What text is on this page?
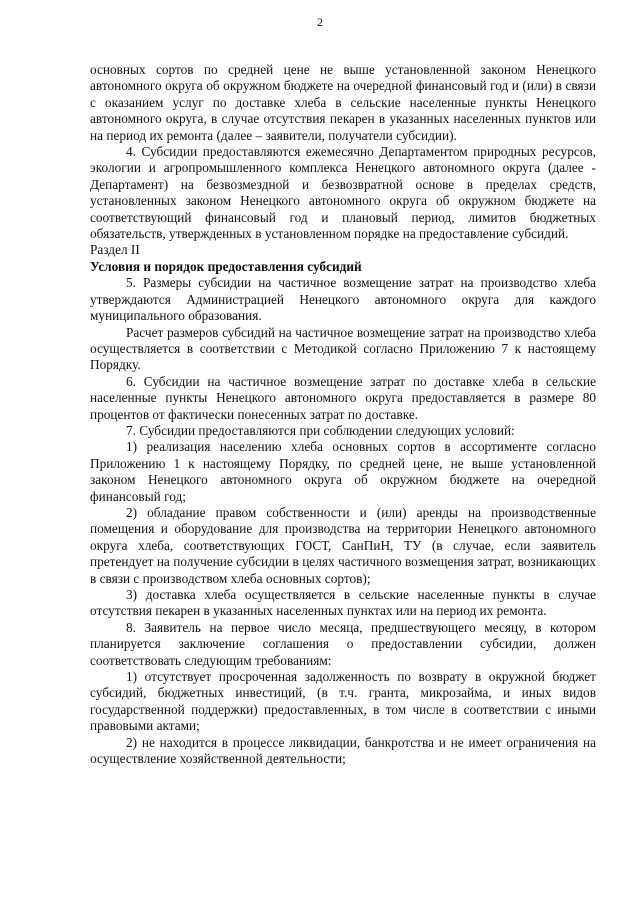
2

основных сортов по средней цене не выше установленной законом Ненецкого автономного округа об окружном бюджете на очередной финансовый год и (или) в связи с оказанием услуг по доставке хлеба в сельские населенные пункты Ненецкого автономного округа, в случае отсутствия пекарен в указанных населенных пунктов или на период их ремонта (далее – заявители, получатели субсидии).

4. Субсидии предоставляются ежемесячно Департаментом природных ресурсов, экологии и агропромышленного комплекса Ненецкого автономного округа (далее - Департамент) на безвозмездной и безвозвратной основе в пределах средств, установленных законом Ненецкого автономного округа об окружном бюджете на соответствующий финансовый год и плановый период, лимитов бюджетных обязательств, утвержденных в установленном порядке на предоставление субсидий.

Раздел II

Условия и порядок предоставления субсидий

5. Размеры субсидии на частичное возмещение затрат на производство хлеба утверждаются Администрацией Ненецкого автономного округа для каждого муниципального образования.

Расчет размеров субсидий на частичное возмещение затрат на производство хлеба осуществляется в соответствии с Методикой согласно Приложению 7 к настоящему Порядку.

6. Субсидии на частичное возмещение затрат по доставке хлеба в сельские населенные пункты Ненецкого автономного округа предоставляется в размере 80 процентов от фактически понесенных затрат по доставке.

7. Субсидии предоставляются при соблюдении следующих условий:

1) реализация населению хлеба основных сортов в ассортименте согласно Приложению 1 к настоящему Порядку, по средней цене, не выше установленной законом Ненецкого автономного округа об окружном бюджете на очередной финансовый год;

2) обладание правом собственности и (или) аренды на производственные помещения и оборудование для производства на территории Ненецкого автономного округа хлеба, соответствующих ГОСТ, СанПиН, ТУ (в случае, если заявитель претендует на получение субсидии в целях частичного возмещения затрат, возникающих в связи с производством хлеба основных сортов);

3) доставка хлеба осуществляется в сельские населенные пункты в случае отсутствия пекарен в указанных населенных пунктах или на период их ремонта.

8. Заявитель на первое число месяца, предшествующего месяцу, в котором планируется заключение соглашения о предоставлении субсидии, должен соответствовать следующим требованиям:

1) отсутствует просроченная задолженность по возврату в окружной бюджет субсидий, бюджетных инвестиций, (в т.ч. гранта, микрозайма, и иных видов государственной поддержки) предоставленных, в том числе в соответствии с иными правовыми актами;

2) не находится в процессе ликвидации, банкротства и не имеет ограничения на осуществление хозяйственной деятельности;
